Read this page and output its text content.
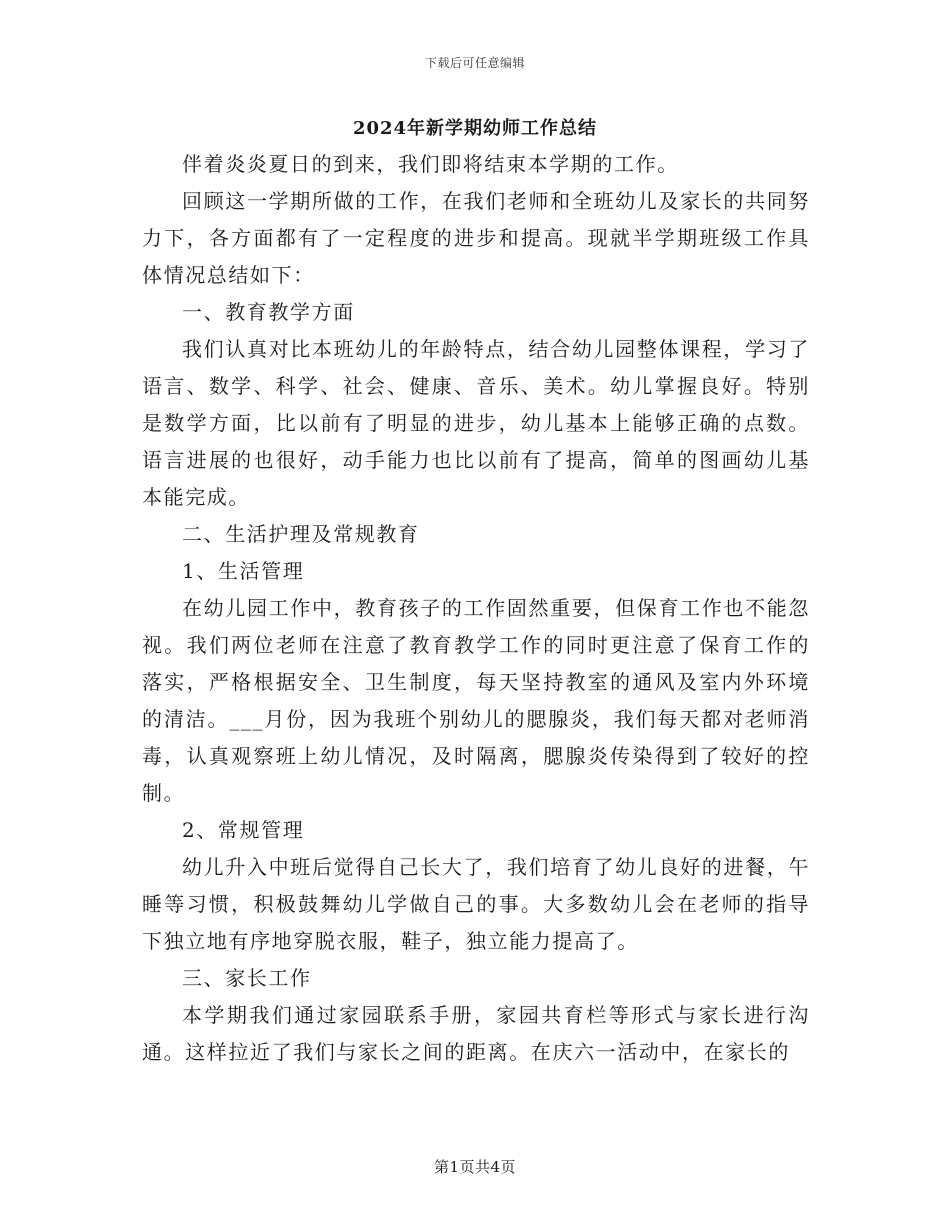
下载后可任意编辑
2024年新学期幼师工作总结

伴着炎炎夏日的到来，我们即将结束本学期的工作。

回顾这一学期所做的工作，在我们老师和全班幼儿及家长的共同努力下，各方面都有了一定程度的进步和提高。现就半学期班级工作具体情况总结如下：

一、教育教学方面

我们认真对比本班幼儿的年龄特点，结合幼儿园整体课程，学习了语言、数学、科学、社会、健康、音乐、美术。幼儿掌握良好。特别是数学方面，比以前有了明显的进步，幼儿基本上能够正确的点数。语言进展的也很好，动手能力也比以前有了提高，简单的图画幼儿基本能完成。

二、生活护理及常规教育

1、生活管理

在幼儿园工作中，教育孩子的工作固然重要，但保育工作也不能忽视。我们两位老师在注意了教育教学工作的同时更注意了保育工作的落实，严格根据安全、卫生制度，每天坚持教室的通风及室内外环境的清洁。___月份，因为我班个别幼儿的腮腺炎，我们每天都对老师消毒，认真观察班上幼儿情况，及时隔离，腮腺炎传染得到了较好的控制。

2、常规管理

幼儿升入中班后觉得自己长大了，我们培育了幼儿良好的进餐，午睡等习惯，积极鼓舞幼儿学做自己的事。大多数幼儿会在老师的指导下独立地有序地穿脱衣服，鞋子，独立能力提高了。

三、家长工作

本学期我们通过家园联系手册，家园共育栏等形式与家长进行沟通。这样拉近了我们与家长之间的距离。在庆六一活动中，在家长的

第1页共4页
